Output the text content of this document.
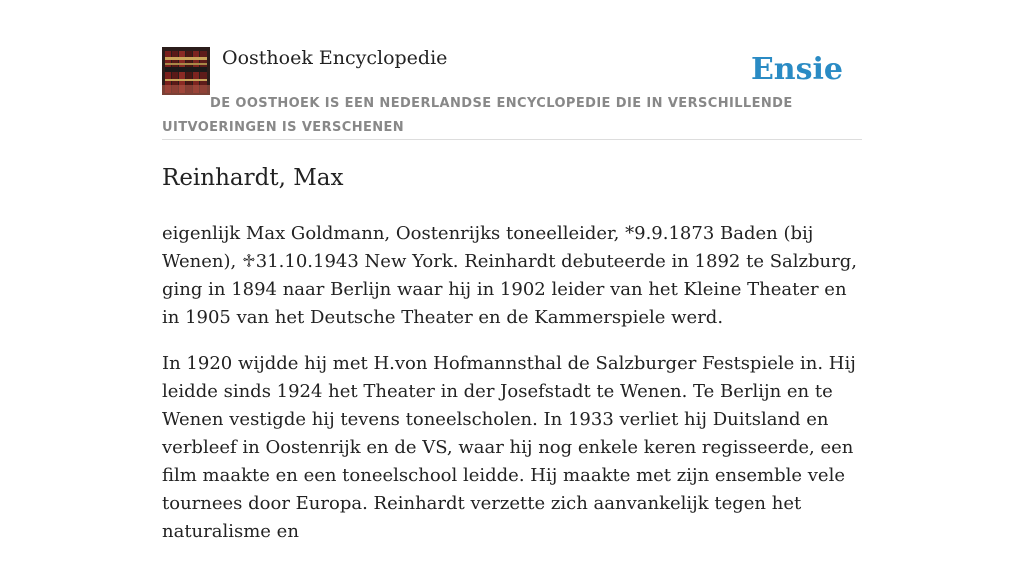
Oosthoek Encyclopedie	Ensie
DE OOSTHOEK IS EEN NEDERLANDSE ENCYCLOPEDIE DIE IN VERSCHILLENDE UITVOERINGEN IS VERSCHENEN
Reinhardt, Max

eigenlijk Max Goldmann, Oostenrijks toneelleider, *9.9.1873 Baden (bij Wenen), ♱31.10.1943 New York. Reinhardt debuteerde in 1892 te Salzburg, ging in 1894 naar Berlijn waar hij in 1902 leider van het Kleine Theater en in 1905 van het Deutsche Theater en de Kammerspiele werd.

In 1920 wijdde hij met H.von Hofmannsthal de Salzburger Festspiele in. Hij leidde sinds 1924 het Theater in der Josefstadt te Wenen. Te Berlijn en te Wenen vestigde hij tevens toneelscholen. In 1933 verliet hij Duitsland en verbleef in Oostenrijk en de VS, waar hij nog enkele keren regisseerde, een film maakte en een toneelschool leidde. Hij maakte met zijn ensemble vele tournees door Europa. Reinhardt verzette zich aanvankelijk tegen het naturalisme en
